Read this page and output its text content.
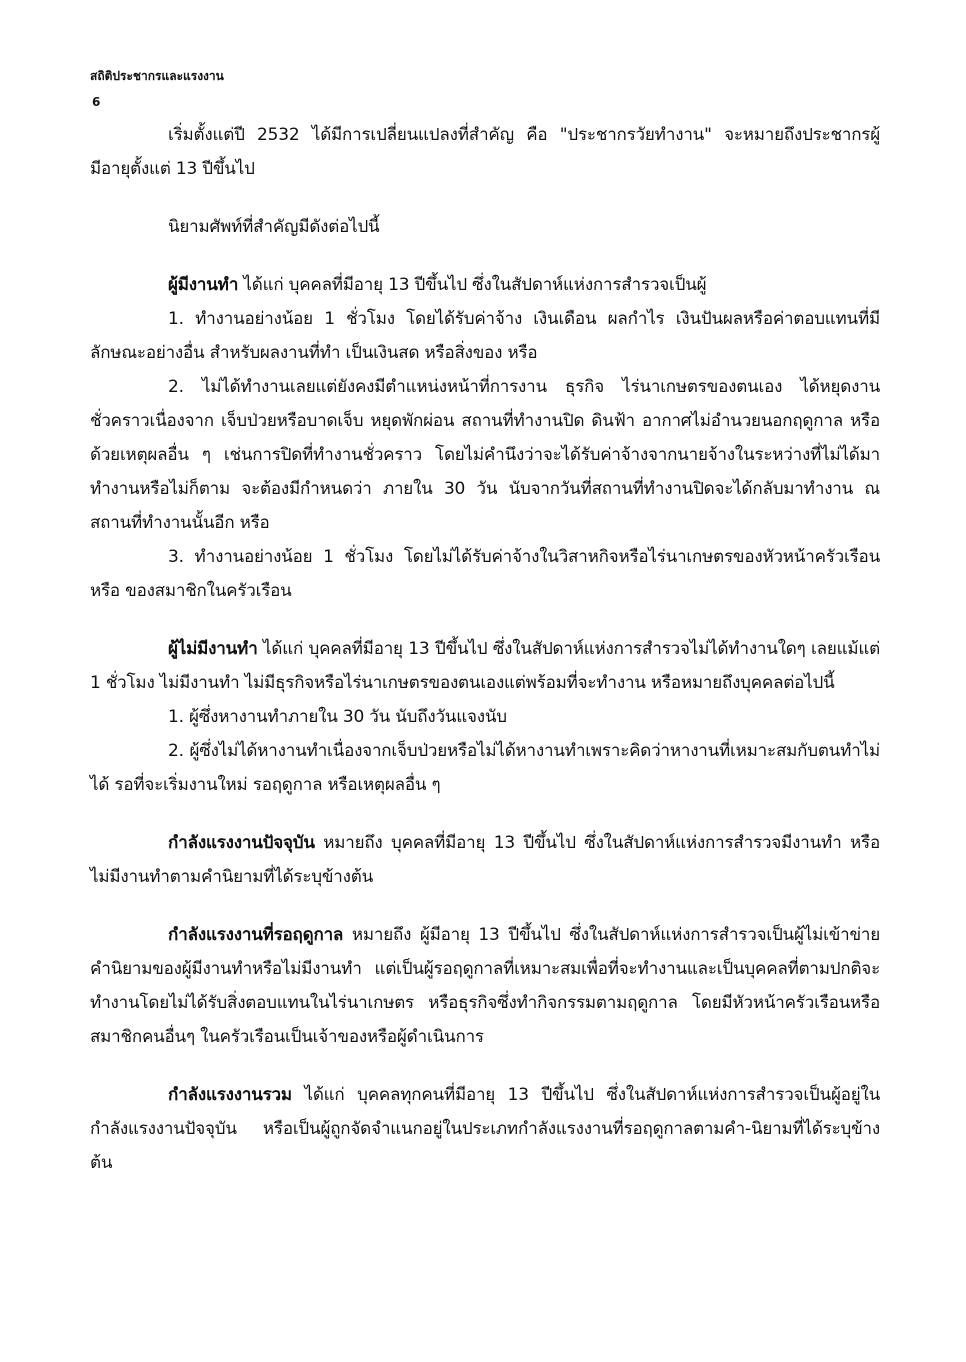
สถิติประชากรและแรงงาน
6

เริ่มตั้งแต่ปี 2532 ได้มีการเปลี่ยนแปลงที่สำคัญ คือ "ประชากรวัยทำงาน" จะหมายถึงประชากรผู้มีอายุตั้งแต่ 13 ปีขึ้นไป

นิยามศัพท์ที่สำคัญมีดังต่อไปนี้

ผู้มีงานทำ ได้แก่ บุคคลที่มีอายุ 13 ปีขึ้นไป ซึ่งในสัปดาห์แห่งการสำรวจเป็นผู้

1. ทำงานอย่างน้อย 1 ชั่วโมง โดยได้รับค่าจ้าง เงินเดือน ผลกำไร เงินปันผลหรือค่าตอบแทนที่มีลักษณะอย่างอื่น สำหรับผลงานที่ทำ เป็นเงินสด หรือสิ่งของ หรือ

2. ไม่ได้ทำงานเลยแต่ยังคงมีตำแหน่งหน้าที่การงาน ธุรกิจ ไร่นาเกษตรของตนเอง ได้หยุดงานชั่วคราวเนื่องจาก เจ็บป่วยหรือบาดเจ็บ หยุดพักผ่อน สถานที่ทำงานปิด ดินฟ้า อากาศไม่อำนวยนอกฤดูกาล หรือด้วยเหตุผลอื่น ๆ เช่นการปิดที่ทำงานชั่วคราว โดยไม่คำนึงว่าจะได้รับค่าจ้างจากนายจ้างในระหว่างที่ไม่ได้มาทำงานหรือไม่ก็ตาม จะต้องมีกำหนดว่า ภายใน 30 วัน นับจากวันที่สถานที่ทำงานปิดจะได้กลับมาทำงาน ณ สถานที่ทำงานนั้นอีก หรือ

3. ทำงานอย่างน้อย 1 ชั่วโมง โดยไม่ได้รับค่าจ้างในวิสาหกิจหรือไร่นาเกษตรของหัวหน้าครัวเรือน หรือ ของสมาชิกในครัวเรือน

ผู้ไม่มีงานทำ ได้แก่ บุคคลที่มีอายุ 13 ปีขึ้นไป ซึ่งในสัปดาห์แห่งการสำรวจไม่ได้ทำงานใดๆ เลยแม้แต่ 1 ชั่วโมง ไม่มีงานทำ ไม่มีธุรกิจหรือไร่นาเกษตรของตนเองแต่พร้อมที่จะทำงาน หรือหมายถึงบุคคลต่อไปนี้

1. ผู้ซึ่งหางานทำภายใน 30 วัน นับถึงวันแจงนับ

2. ผู้ซึ่งไม่ได้หางานทำเนื่องจากเจ็บป่วยหรือไม่ได้หางานทำเพราะคิดว่าหางานที่เหมาะสมกับตนทำไม่ได้ รอที่จะเริ่มงานใหม่ รอฤดูกาล หรือเหตุผลอื่น ๆ

กำลังแรงงานปัจจุบัน หมายถึง บุคคลที่มีอายุ 13 ปีขึ้นไป ซึ่งในสัปดาห์แห่งการสำรวจมีงานทำ หรือไม่มีงานทำตามคำนิยามที่ได้ระบุข้างต้น

กำลังแรงงานที่รอฤดูกาล หมายถึง ผู้มีอายุ 13 ปีขึ้นไป ซึ่งในสัปดาห์แห่งการสำรวจเป็นผู้ไม่เข้าข่ายคำนิยามของผู้มีงานทำหรือไม่มีงานทำ แต่เป็นผู้รอฤดูกาลที่เหมาะสมเพื่อที่จะทำงานและเป็นบุคคลที่ตามปกติจะทำงานโดยไม่ได้รับสิ่งตอบแทนในไร่นาเกษตร หรือธุรกิจซึ่งทำกิจกรรมตามฤดูกาล โดยมีหัวหน้าครัวเรือนหรือสมาชิกคนอื่นๆ ในครัวเรือนเป็นเจ้าของหรือผู้ดำเนินการ

กำลังแรงงานรวม ได้แก่ บุคคลทุกคนที่มีอายุ 13 ปีขึ้นไป ซึ่งในสัปดาห์แห่งการสำรวจเป็นผู้อยู่ในกำลังแรงงานปัจจุบัน หรือเป็นผู้ถูกจัดจำแนกอยู่ในประเภทกำลังแรงงานที่รอฤดูกาลตามคำ-นิยามที่ได้ระบุข้างต้น
